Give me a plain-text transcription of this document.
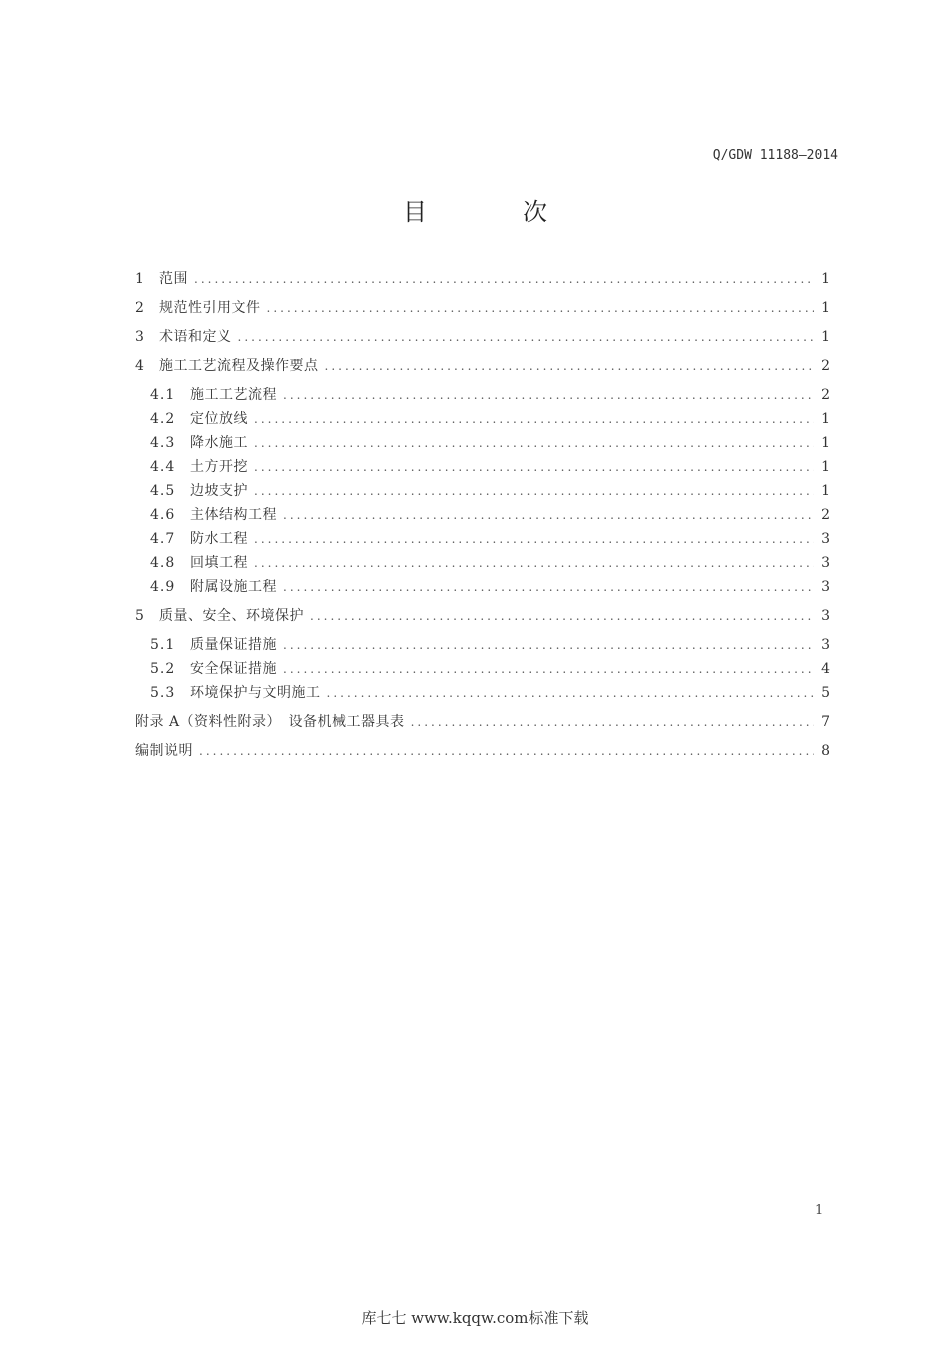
Q/GDW 11188—2014
目	次
1	范围 .....	1
2	规范性引用文件 .....	1
3	术语和定义 .....	1
4	施工工艺流程及操作要点 .....	2
4.1	施工工艺流程 .....	2
4.2	定位放线 .....	1
4.3	降水施工 .....	1
4.4	土方开挖 .....	1
4.5	边坡支护 .....	1
4.6	主体结构工程 .....	2
4.7	防水工程 .....	3
4.8	回填工程 .....	3
4.9	附属设施工程 .....	3
5	质量、安全、环境保护 .....	3
5.1	质量保证措施 .....	3
5.2	安全保证措施 .....	4
5.3	环境保护与文明施工 .....	5
附录 A（资料性附录）　设备机械工器具表 .....	7
编制说明 .....	8
1
库七七 www.kqqw.com标准下载
